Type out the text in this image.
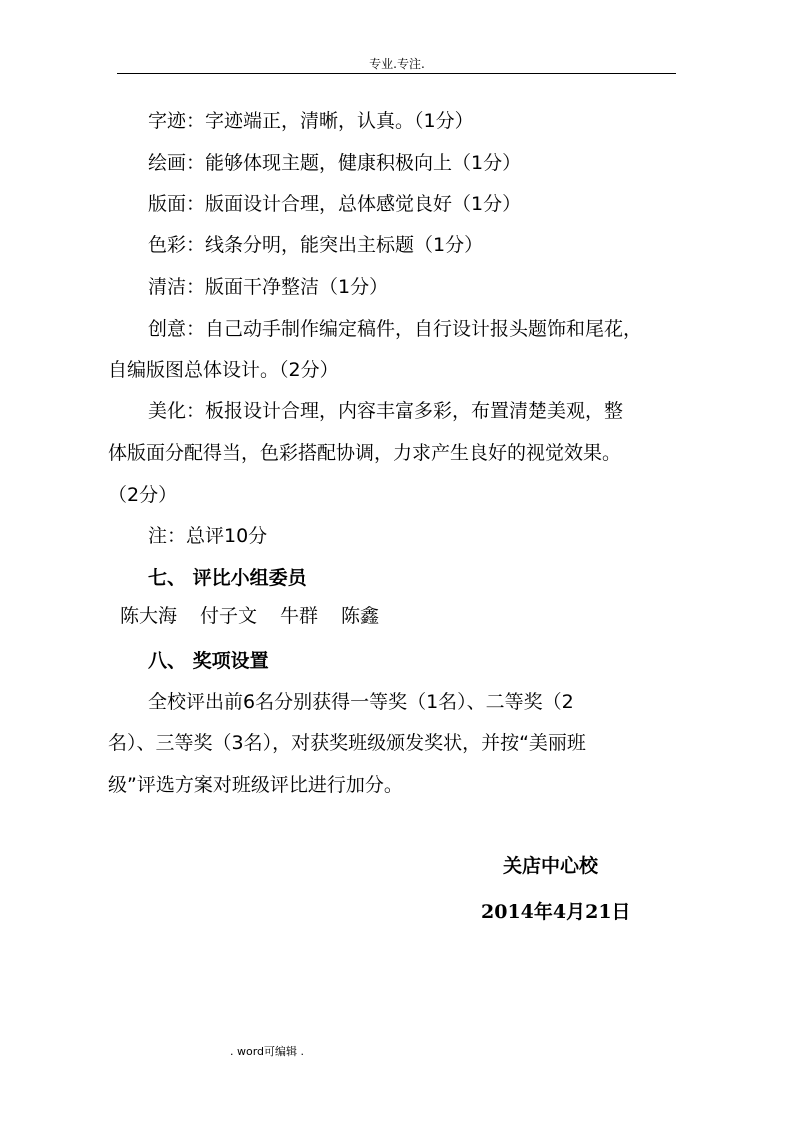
专业.专注.
字迹：字迹端正，清晰，认真。（1分）
绘画：能够体现主题，健康积极向上（1分）
版面：版面设计合理，总体感觉良好（1分）
色彩：线条分明，能突出主标题（1分）
清洁：版面干净整洁（1分）
创意：自己动手制作编定稿件，自行设计报头题饰和尾花，
自编版图总体设计。（2分）
美化：板报设计合理，内容丰富多彩，布置清楚美观，整
体版面分配得当，色彩搭配协调，力求产生良好的视觉效果。
（2分）
注：总评10分
七、 评比小组委员
陈大海 付子文 牛群 陈鑫
八、 奖项设置
全校评出前6名分别获得一等奖（1名）、二等奖（2
名）、三等奖（3名），对获奖班级颁发奖状，并按“美丽班
级”评选方案对班级评比进行加分。
关店中心校
2014年4月21日
. word可编辑 .
